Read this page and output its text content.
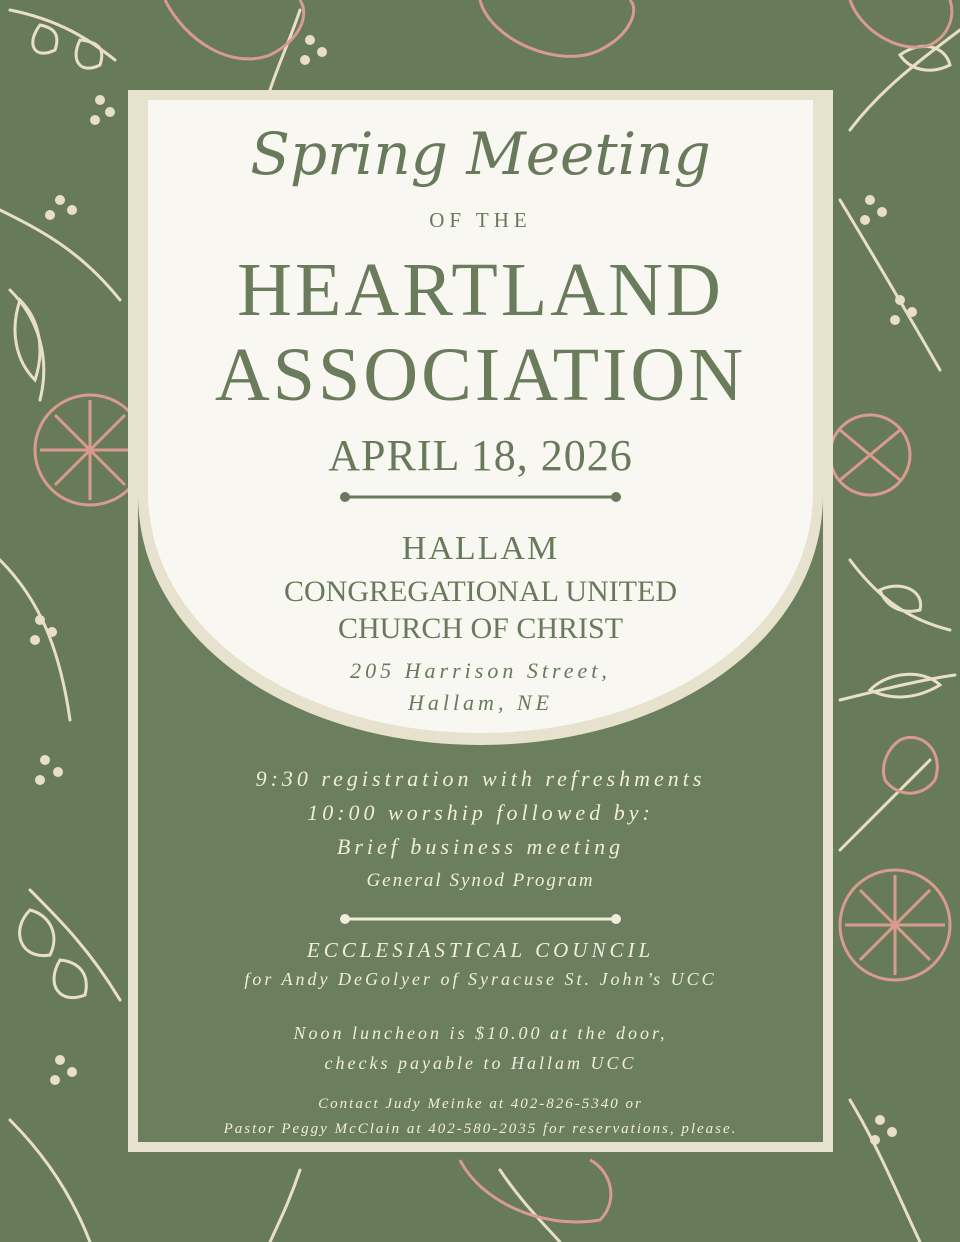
Spring Meeting
OF THE
HEARTLAND
ASSOCIATION
APRIL 18, 2026
HALLAM
CONGREGATIONAL UNITED
CHURCH OF CHRIST
205 Harrison Street,
Hallam, NE
9:30 registration with refreshments
10:00 worship followed by:
Brief business meeting
General Synod Program
ECCLESIASTICAL COUNCIL
for Andy DeGolyer of Syracuse St. John’s UCC
Noon luncheon is $10.00 at the door,
checks payable to Hallam UCC
Contact Judy Meinke at 402-826-5340 or
Pastor Peggy McClain at 402-580-2035 for reservations, please.
